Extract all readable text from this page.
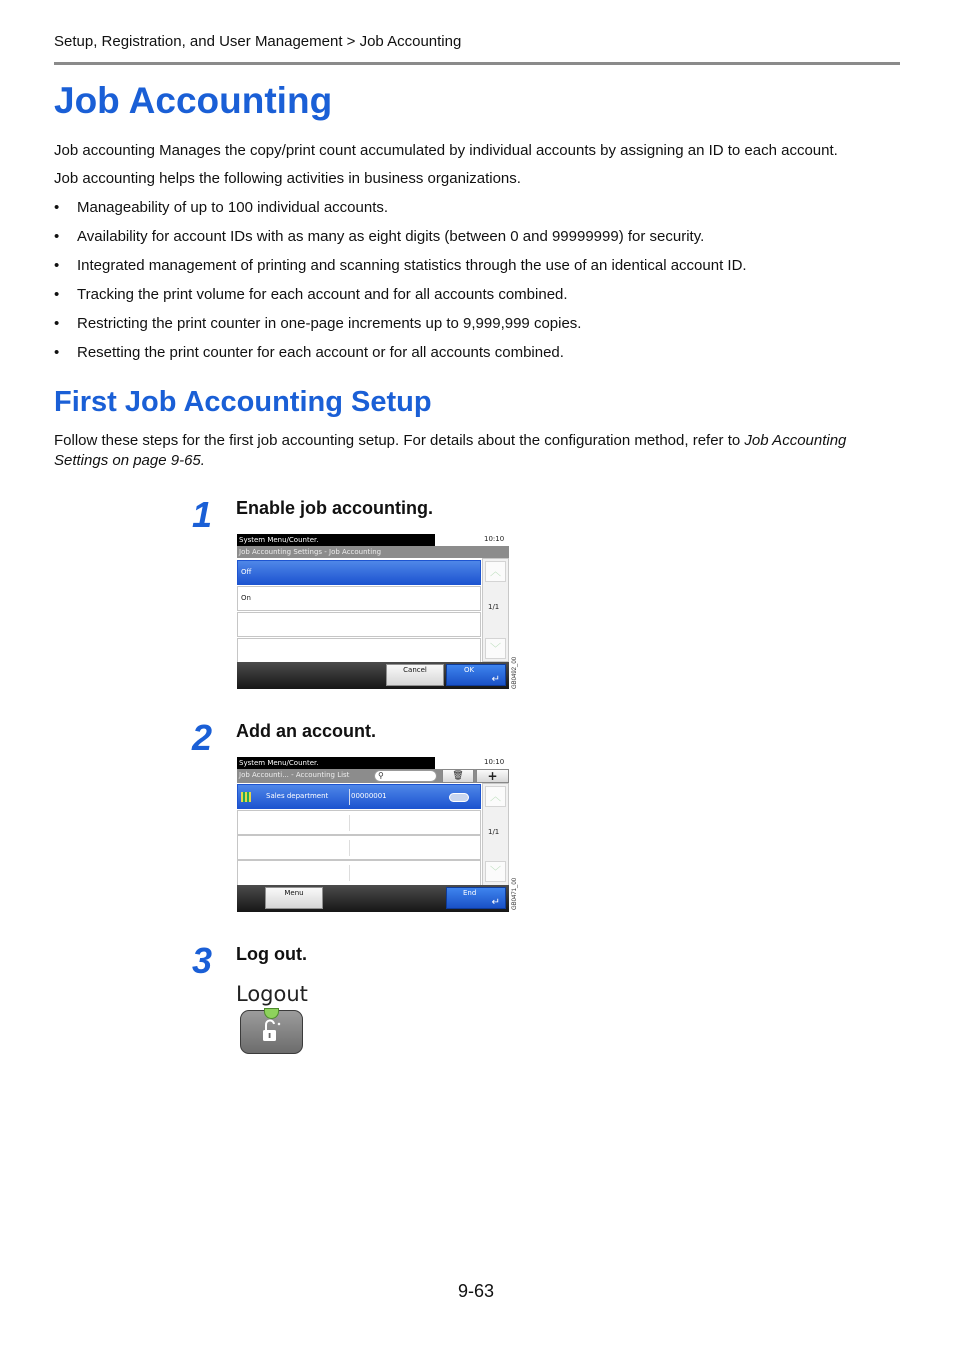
Setup, Registration, and User Management > Job Accounting
Job Accounting
Job accounting Manages the copy/print count accumulated by individual accounts by assigning an ID to each account.
Job accounting helps the following activities in business organizations.
• Manageability of up to 100 individual accounts.
• Availability for account IDs with as many as eight digits (between 0 and 99999999) for security.
• Integrated management of printing and scanning statistics through the use of an identical account ID.
• Tracking the print volume for each account and for all accounts combined.
• Restricting the print counter in one-page increments up to 9,999,999 copies.
• Resetting the print counter for each account or for all accounts combined.
First Job Accounting Setup
Follow these steps for the first job accounting setup. For details about the configuration method, refer to Job Accounting Settings on page 9-65.
1 Enable job accounting.
System Menu/Counter.	10:10
Job Accounting Settings - Job Accounting
Off
On
︿
1/1
﹀
Cancel	OK
↵ GB0492_00
2 Add an account.
System Menu/Counter.	10:10
Job Accounti... - Accounting List	⚲	🗑	+
Sales department	00000001	︿
1/1
﹀
Menu	End
↵ GB0471_00
3 Log out.
Logout
9-63
